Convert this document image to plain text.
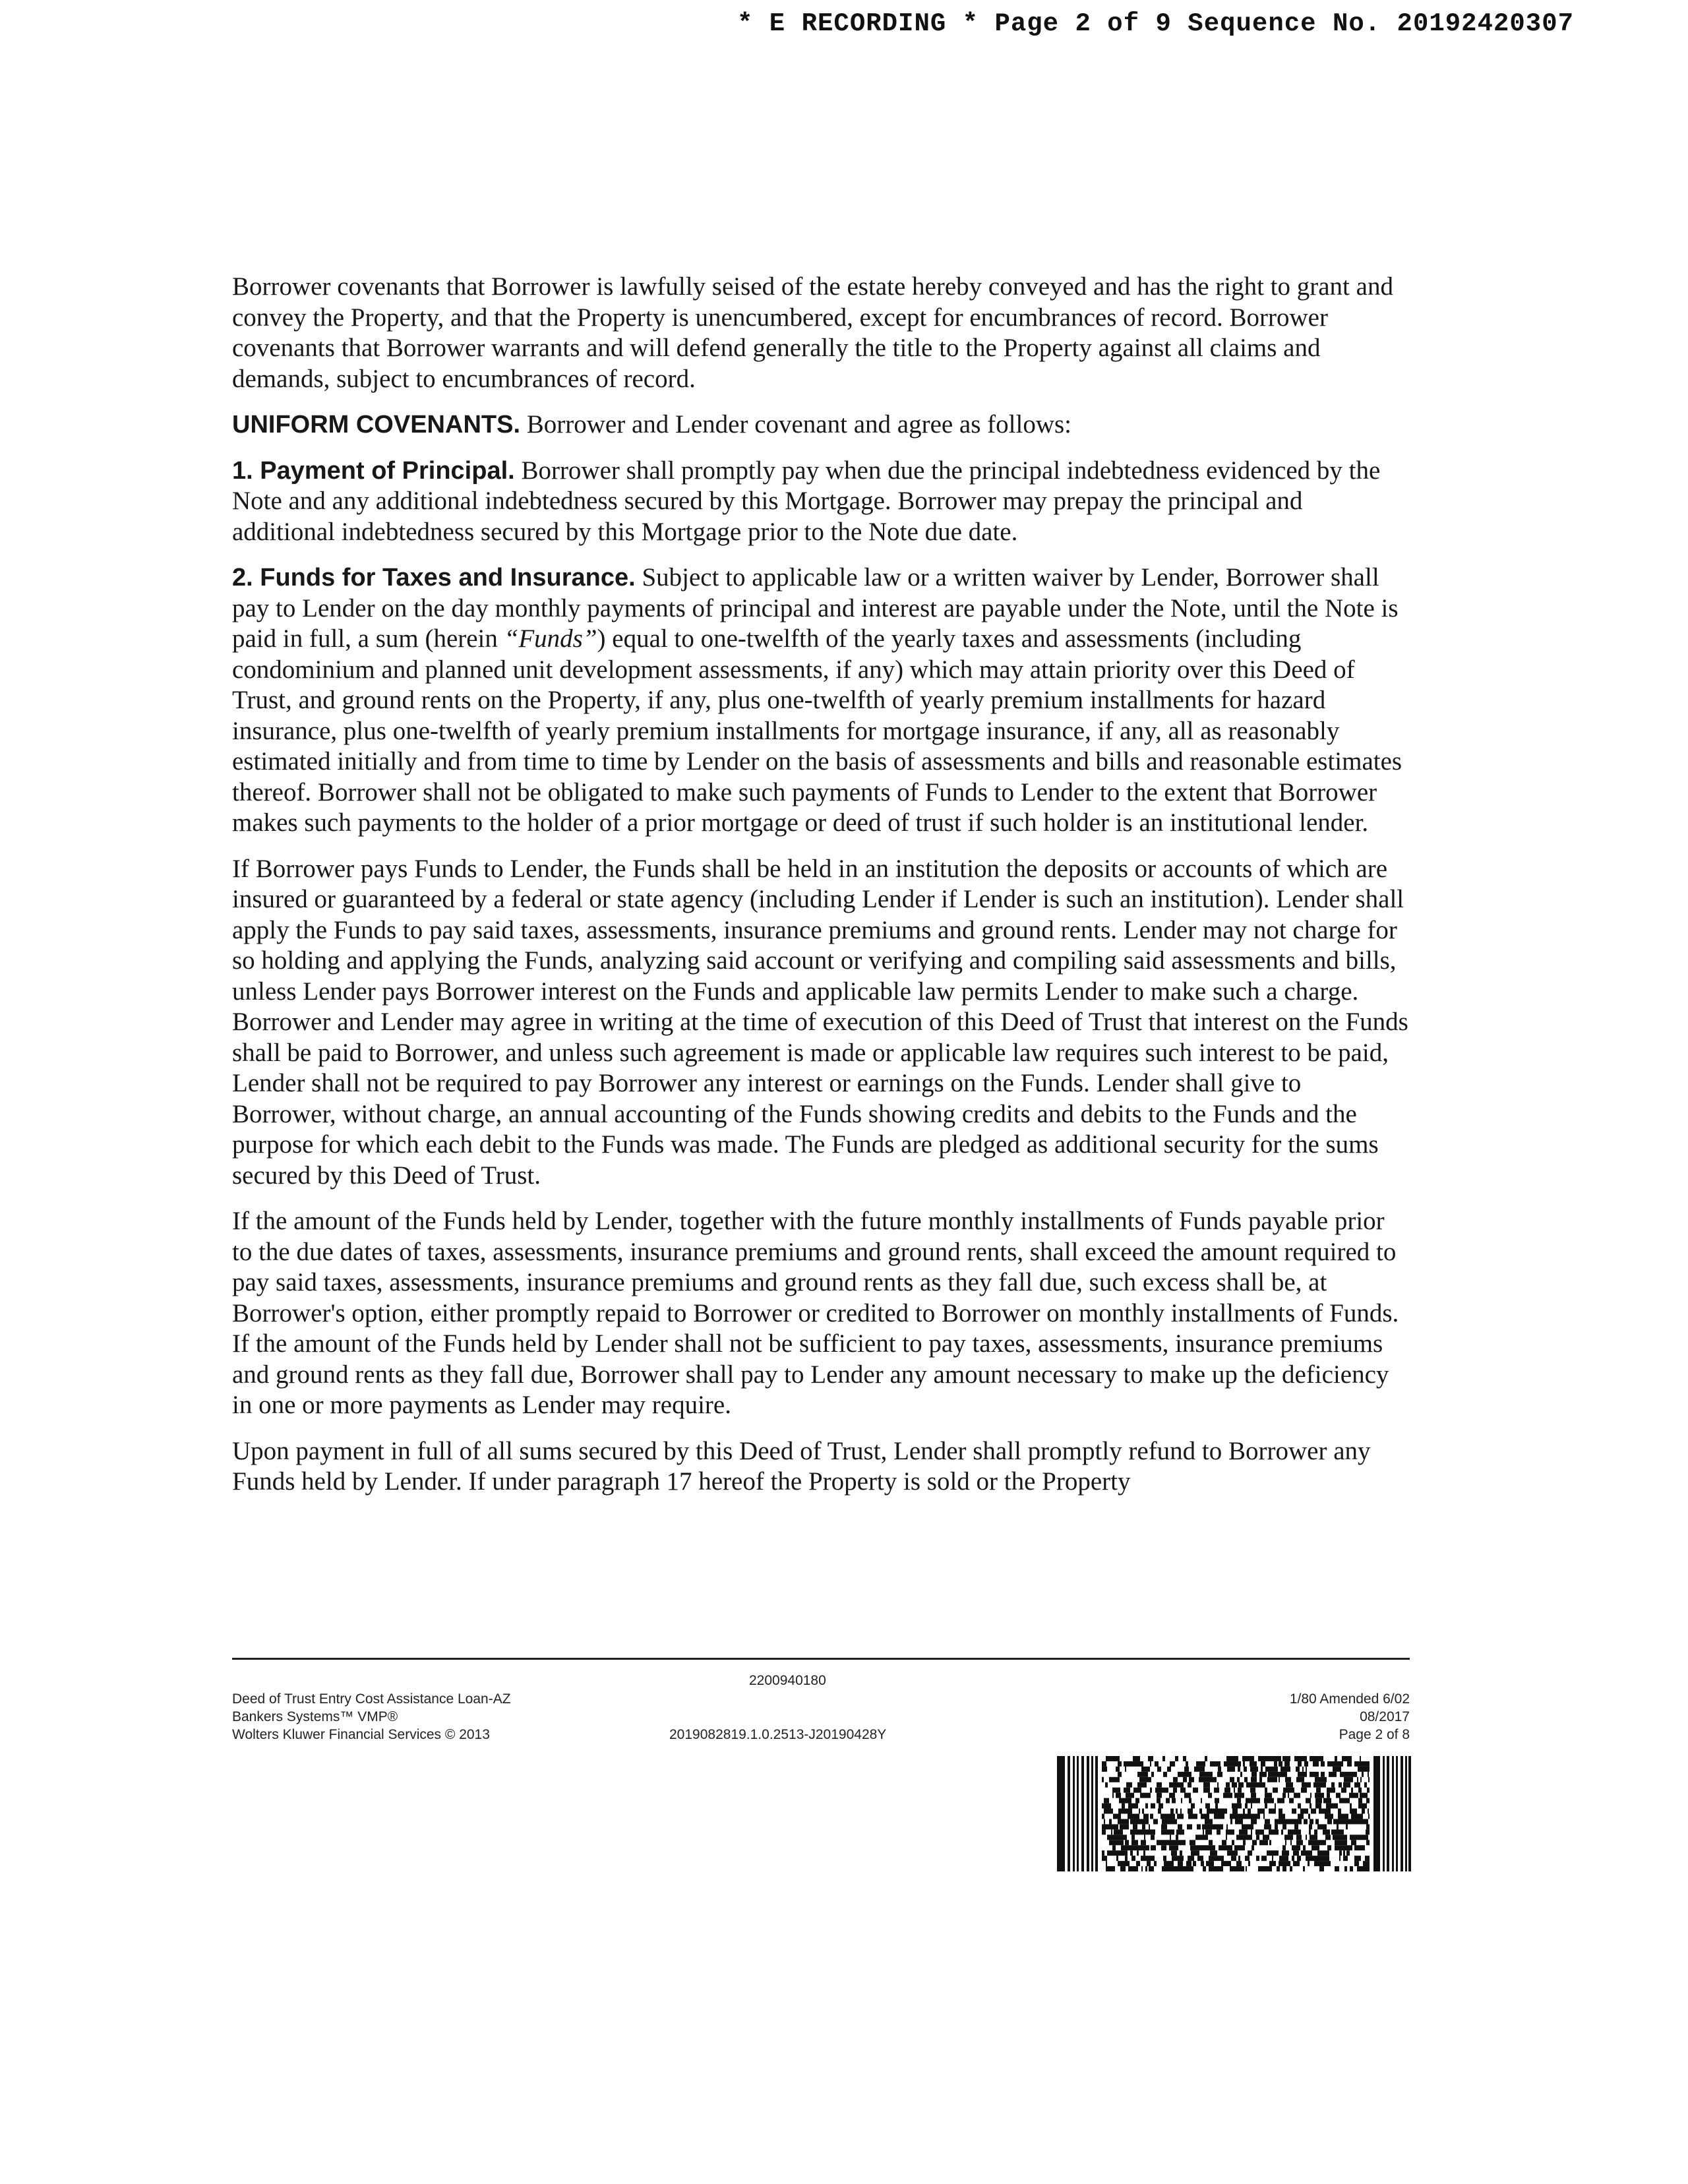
* E RECORDING * Page 2 of 9 Sequence No. 20192420307

Borrower covenants that Borrower is lawfully seised of the estate hereby conveyed and has the right to grant and convey the Property, and that the Property is unencumbered, except for encumbrances of record. Borrower covenants that Borrower warrants and will defend generally the title to the Property against all claims and demands, subject to encumbrances of record.

UNIFORM COVENANTS. Borrower and Lender covenant and agree as follows:

1. Payment of Principal. Borrower shall promptly pay when due the principal indebtedness evidenced by the Note and any additional indebtedness secured by this Mortgage. Borrower may prepay the principal and additional indebtedness secured by this Mortgage prior to the Note due date.

2. Funds for Taxes and Insurance. Subject to applicable law or a written waiver by Lender, Borrower shall pay to Lender on the day monthly payments of principal and interest are payable under the Note, until the Note is paid in full, a sum (herein “Funds”) equal to one-twelfth of the yearly taxes and assessments (including condominium and planned unit development assessments, if any) which may attain priority over this Deed of Trust, and ground rents on the Property, if any, plus one-twelfth of yearly premium installments for hazard insurance, plus one-twelfth of yearly premium installments for mortgage insurance, if any, all as reasonably estimated initially and from time to time by Lender on the basis of assessments and bills and reasonable estimates thereof. Borrower shall not be obligated to make such payments of Funds to Lender to the extent that Borrower makes such payments to the holder of a prior mortgage or deed of trust if such holder is an institutional lender.

If Borrower pays Funds to Lender, the Funds shall be held in an institution the deposits or accounts of which are insured or guaranteed by a federal or state agency (including Lender if Lender is such an institution). Lender shall apply the Funds to pay said taxes, assessments, insurance premiums and ground rents. Lender may not charge for so holding and applying the Funds, analyzing said account or verifying and compiling said assessments and bills, unless Lender pays Borrower interest on the Funds and applicable law permits Lender to make such a charge. Borrower and Lender may agree in writing at the time of execution of this Deed of Trust that interest on the Funds shall be paid to Borrower, and unless such agreement is made or applicable law requires such interest to be paid, Lender shall not be required to pay Borrower any interest or earnings on the Funds. Lender shall give to Borrower, without charge, an annual accounting of the Funds showing credits and debits to the Funds and the purpose for which each debit to the Funds was made. The Funds are pledged as additional security for the sums secured by this Deed of Trust.

If the amount of the Funds held by Lender, together with the future monthly installments of Funds payable prior to the due dates of taxes, assessments, insurance premiums and ground rents, shall exceed the amount required to pay said taxes, assessments, insurance premiums and ground rents as they fall due, such excess shall be, at Borrower's option, either promptly repaid to Borrower or credited to Borrower on monthly installments of Funds. If the amount of the Funds held by Lender shall not be sufficient to pay taxes, assessments, insurance premiums and ground rents as they fall due, Borrower shall pay to Lender any amount necessary to make up the deficiency in one or more payments as Lender may require.

Upon payment in full of all sums secured by this Deed of Trust, Lender shall promptly refund to Borrower any Funds held by Lender. If under paragraph 17 hereof the Property is sold or the Property

Deed of Trust Entry Cost Assistance Loan-AZ
Bankers Systems™ VMP®
Wolters Kluwer Financial Services © 2013
2200940180
2019082819.1.0.2513-J20190428Y
1/80 Amended 6/02
08/2017
Page 2 of 8
